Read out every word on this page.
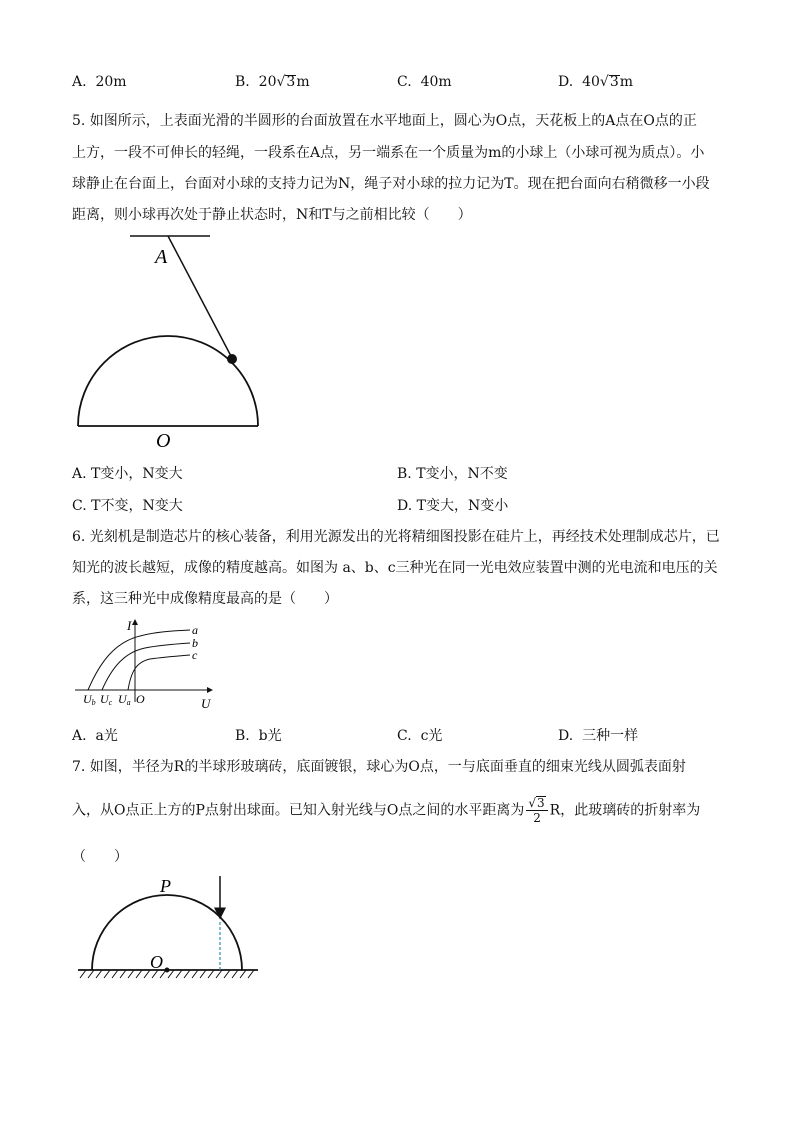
A. 20m	B. 20√3m	C. 40m	D. 40√3m
5. 如图所示，上表面光滑的半圆形的台面放置在水平地面上，圆心为O点，天花板上的A点在O点的正
上方，一段不可伸长的轻绳，一段系在A点，另一端系在一个质量为m的小球上（小球可视为质点）。小
球静止在台面上，台面对小球的支持力记为N，绳子对小球的拉力记为T。现在把台面向右稍微移一小段
距离，则小球再次处于静止状态时，N和T与之前相比较（　　）
A
O
A. T变小，N变大	B. T变小，N不变
C. T不变，N变大	D. T变大，N变小
6. 光刻机是制造芯片的核心装备，利用光源发出的光将精细图投影在硅片上，再经技术处理制成芯片，已
知光的波长越短，成像的精度越高。如图为 a、b、c三种光在同一光电效应装置中测的光电流和电压的关
系，这三种光中成像精度最高的是（　　）
I
U
a
b
c
Ub Uc Ua O
A. a光	B. b光	C. c光	D. 三种一样
7. 如图，半径为R的半球形玻璃砖，底面镀银，球心为O点，一与底面垂直的细束光线从圆弧表面射
入，从O点正上方的P点射出球面。已知入射光线与O点之间的水平距离为 $\frac{√3}{2}$ R，此玻璃砖的折射率为
（　　）
P
O
